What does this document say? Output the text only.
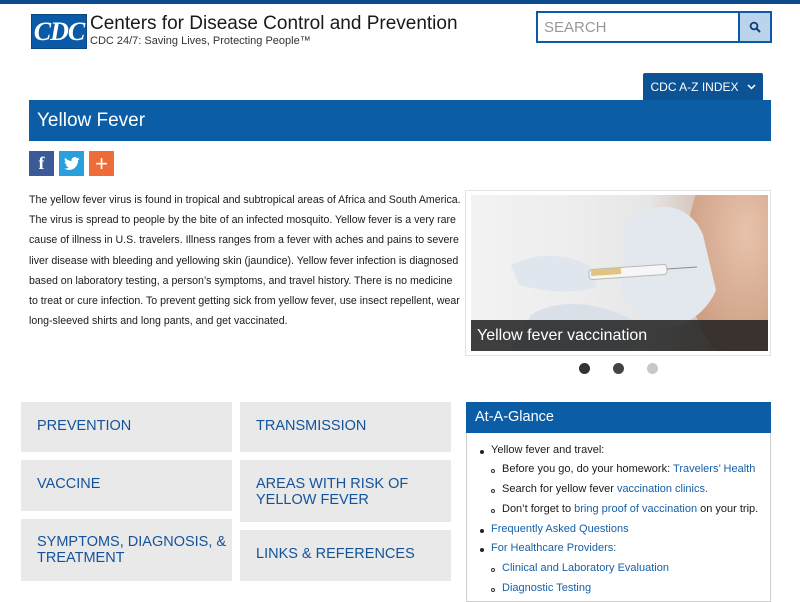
CDC Centers for Disease Control and Prevention
CDC 24/7: Saving Lives, Protecting People™
SEARCH
CDC A-Z INDEX
Yellow Fever
f +

The yellow fever virus is found in tropical and subtropical areas of Africa and South America. The virus is spread to people by the bite of an infected mosquito. Yellow fever is a very rare cause of illness in U.S. travelers. Illness ranges from a fever with aches and pains to severe liver disease with bleeding and yellowing skin (jaundice). Yellow fever infection is diagnosed based on laboratory testing, a person’s symptoms, and travel history. There is no medicine to treat or cure infection. To prevent getting sick from yellow fever, use insect repellent, wear long-sleeved shirts and long pants, and get vaccinated.

Yellow fever vaccination
PREVENTION	TRANSMISSION
VACCINE	AREAS WITH RISK OF YELLOW FEVER
SYMPTOMS, DIAGNOSIS, & TREATMENT	LINKS & REFERENCES
At-A-Glance
Yellow fever and travel:
Before you go, do your homework: Travelers’ Health
Search for yellow fever vaccination clinics.
Don’t forget to bring proof of vaccination on your trip.
Frequently Asked Questions
For Healthcare Providers:
Clinical and Laboratory Evaluation
Diagnostic Testing
